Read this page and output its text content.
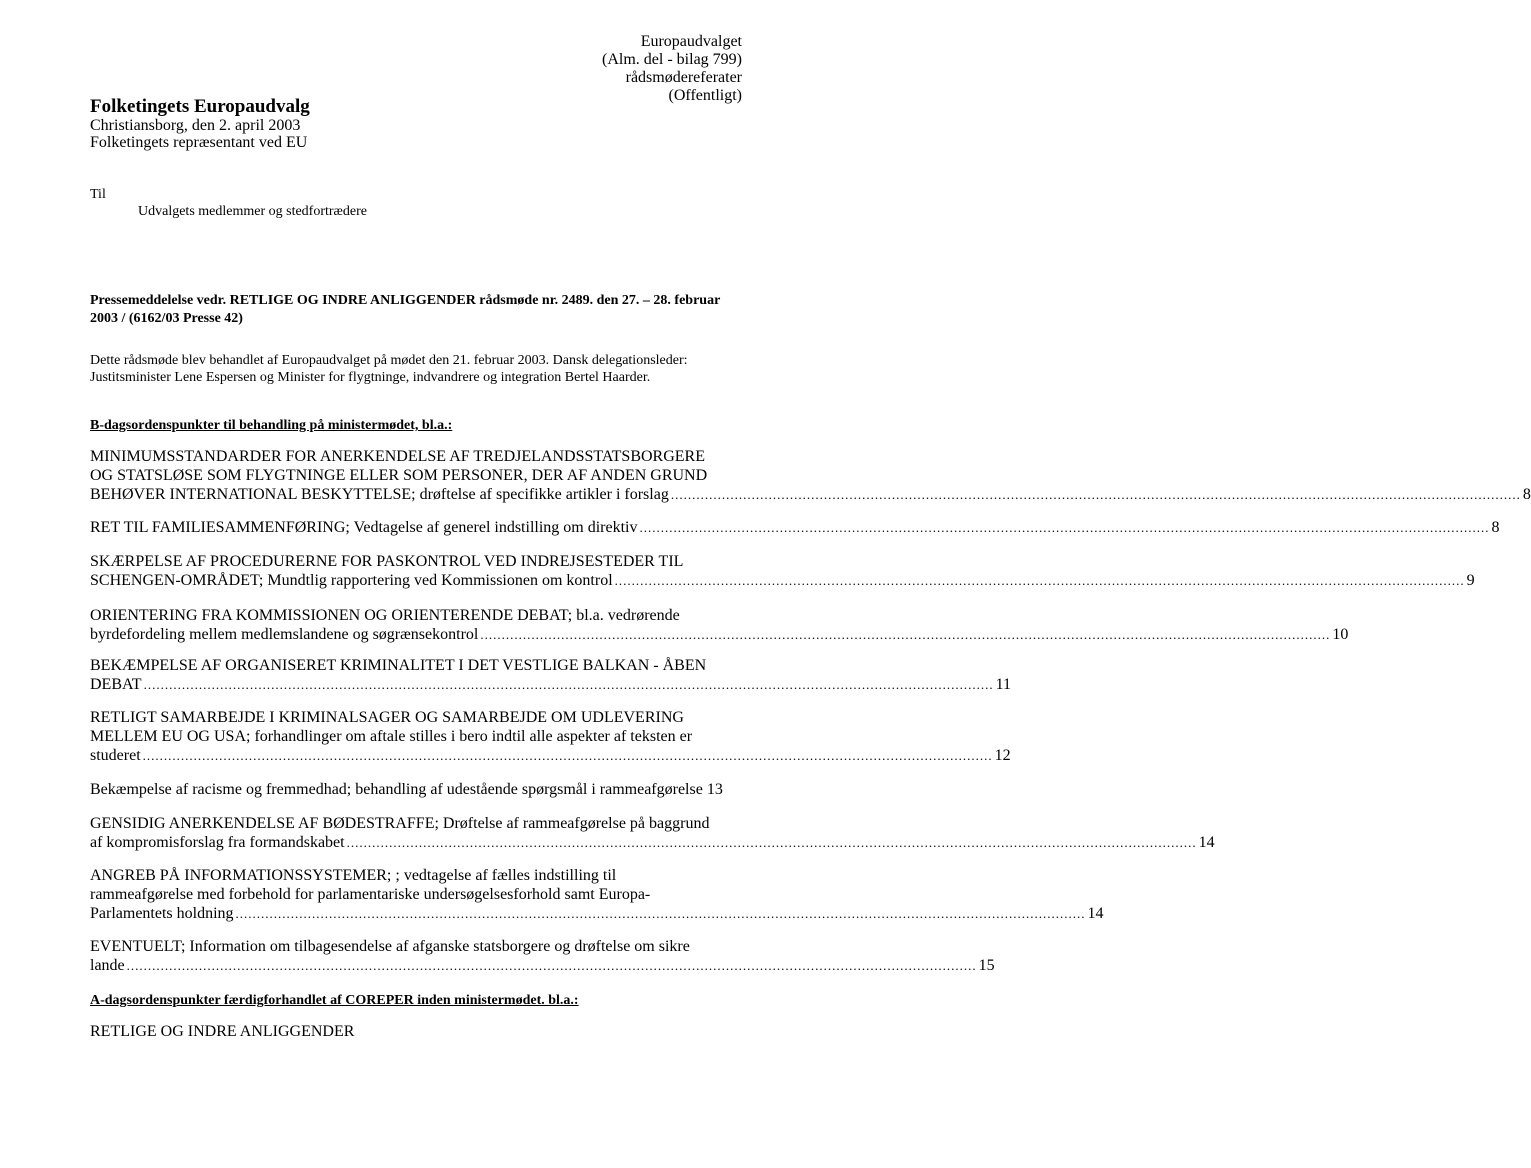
Europaudvalget
(Alm. del - bilag 799)
rådsmødereferater
(Offentligt)
Folketingets Europaudvalg
Christiansborg, den 2. april 2003
Folketingets repræsentant ved EU
Til
Udvalgets medlemmer og stedfortrædere
Pressemeddelelse vedr. RETLIGE OG INDRE ANLIGGENDER rådsmøde nr. 2489. den 27. – 28. februar 2003 / (6162/03 Presse 42)
Dette rådsmøde blev behandlet af Europaudvalget på mødet den 21. februar 2003. Dansk delegationsleder: Justitsminister Lene Espersen og Minister for flygtninge, indvandrere og integration Bertel Haarder.
B-dagsordenspunkter til behandling på ministermødet, bl.a.:
MINIMUMSSTANDARDER FOR ANERKENDELSE AF TREDJELANDSSTATSBORGERE
OG STATSLØSE SOM FLYGTNINGE ELLER SOM PERSONER, DER AF ANDEN GRUND
BEHØVER INTERNATIONAL BESKYTTELSE; drøftelse af specifikke artikler i forslag ........................................................................................................................................................................................................ 8
RET TIL FAMILIESAMMENFØRING; Vedtagelse af generel indstilling om direktiv ........................................................................................................................................................................................................ 8
SKÆRPELSE AF PROCEDURERNE FOR PASKONTROL VED INDREJSESTEDER TIL
SCHENGEN-OMRÅDET; Mundtlig rapportering ved Kommissionen om kontrol ........................................................................................................................................................................................................ 9
ORIENTERING FRA KOMMISSIONEN OG ORIENTERENDE DEBAT; bl.a. vedrørende
byrdefordeling mellem medlemslandene og søgrænsekontrol ........................................................................................................................................................................................................ 10
BEKÆMPELSE AF ORGANISERET KRIMINALITET I DET VESTLIGE BALKAN - ÅBEN
DEBAT ........................................................................................................................................................................................................ 11
RETLIGT SAMARBEJDE I KRIMINALSAGER OG SAMARBEJDE OM UDLEVERING
MELLEM EU OG USA; forhandlinger om aftale stilles i bero indtil alle aspekter af teksten er
studeret ........................................................................................................................................................................................................ 12
Bekæmpelse af racisme og fremmedhad; behandling af udestående spørgsmål i rammeafgørelse 13
GENSIDIG ANERKENDELSE AF BØDESTRAFFE; Drøftelse af rammeafgørelse på baggrund
af kompromisforslag fra formandskabet ........................................................................................................................................................................................................ 14
ANGREB PÅ INFORMATIONSSYSTEMER; ; vedtagelse af fælles indstilling til
rammeafgørelse med forbehold for parlamentariske undersøgelsesforhold samt Europa-
Parlamentets holdning ........................................................................................................................................................................................................ 14
EVENTUELT; Information om tilbagesendelse af afganske statsborgere og drøftelse om sikre
lande ........................................................................................................................................................................................................ 15
A-dagsordenspunkter færdigforhandlet af COREPER inden ministermødet. bl.a.:
RETLIGE OG INDRE ANLIGGENDER
